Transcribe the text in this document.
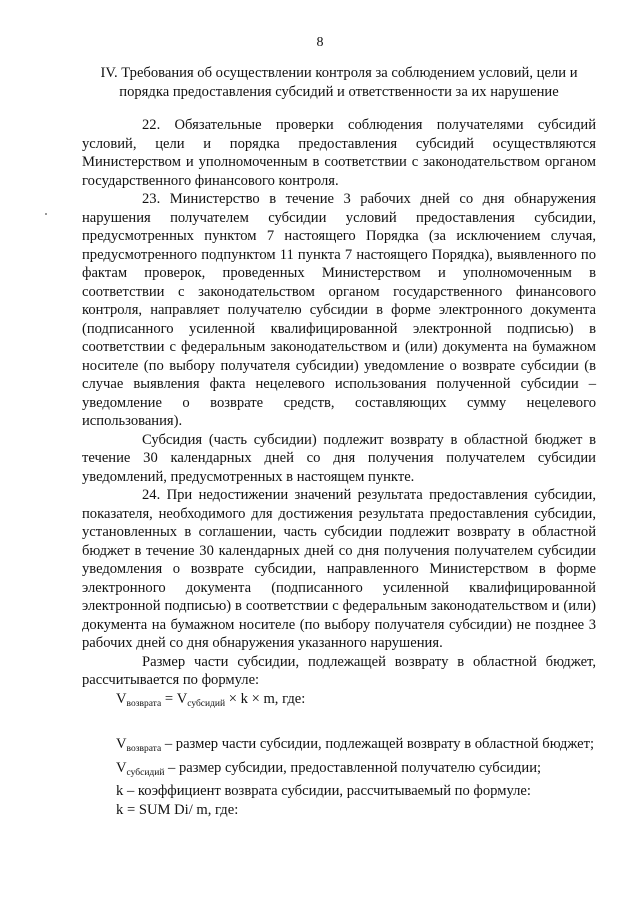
8
IV. Требования об осуществлении контроля за соблюдением условий, цели и порядка предоставления субсидий и ответственности за их нарушение

22. Обязательные проверки соблюдения получателями субсидий условий, цели и порядка предоставления субсидий осуществляются Министерством и уполномоченным в соответствии с законодательством органом государственного финансового контроля.

23. Министерство в течение 3 рабочих дней со дня обнаружения нарушения получателем субсидии условий предоставления субсидии, предусмотренных пунктом 7 настоящего Порядка (за исключением случая, предусмотренного подпунктом 11 пункта 7 настоящего Порядка), выявленного по фактам проверок, проведенных Министерством и уполномоченным в соответствии с законодательством органом государственного финансового контроля, направляет получателю субсидии в форме электронного документа (подписанного усиленной квалифицированной электронной подписью) в соответствии с федеральным законодательством и (или) документа на бумажном носителе (по выбору получателя субсидии) уведомление о возврате субсидии (в случае выявления факта нецелевого использования полученной субсидии – уведомление о возврате средств, составляющих сумму нецелевого использования).

Субсидия (часть субсидии) подлежит возврату в областной бюджет в течение 30 календарных дней со дня получения получателем субсидии уведомлений, предусмотренных в настоящем пункте.

24. При недостижении значений результата предоставления субсидии, показателя, необходимого для достижения результата предоставления субсидии, установленных в соглашении, часть субсидии подлежит возврату в областной бюджет в течение 30 календарных дней со дня получения получателем субсидии уведомления о возврате субсидии, направленного Министерством в форме электронного документа (подписанного усиленной квалифицированной электронной подписью) в соответствии с федеральным законодательством и (или) документа на бумажном носителе (по выбору получателя субсидии) не позднее 3 рабочих дней со дня обнаружения указанного нарушения.

Размер части субсидии, подлежащей возврату в областной бюджет, рассчитывается по формуле:

$V_{возврата} = V_{субсидий} \times k \times m$, где:

$V_{возврата}$ – размер части субсидии, подлежащей возврату в областной бюджет;

$V_{субсидий}$ – размер субсидии, предоставленной получателю субсидии;

k – коэффициент возврата субсидии, рассчитываемый по формуле:

k = SUM Di/ m, где:
